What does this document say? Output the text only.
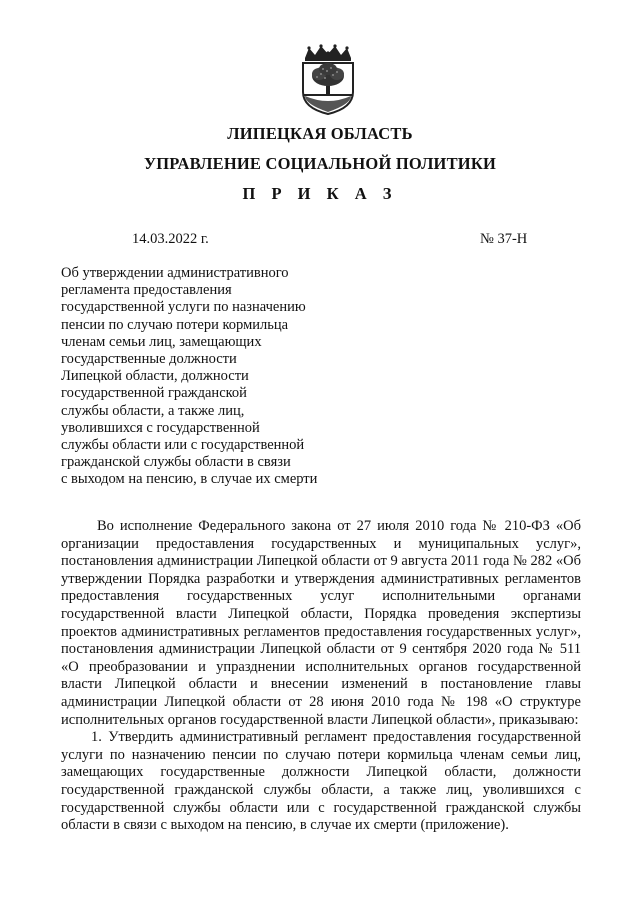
ЛИПЕЦКАЯ ОБЛАСТЬ
УПРАВЛЕНИЕ СОЦИАЛЬНОЙ ПОЛИТИКИ
П Р И К А З
14.03.2022 г.	№ 37-Н
Об утверждении административного
регламента предоставления
государственной услуги по назначению
пенсии по случаю потери кормильца
членам семьи лиц, замещающих
государственные должности
Липецкой области, должности
государственной гражданской
службы области, а также лиц,
уволившихся с государственной
службы области или с государственной
гражданской службы области в связи
с выходом на пенсию, в случае их смерти

Во исполнение Федерального закона от 27 июля 2010 года № 210-ФЗ «Об организации предоставления государственных и муниципальных услуг», постановления администрации Липецкой области от 9 августа 2011 года № 282 «Об утверждении Порядка разработки и утверждения административных регламентов предоставления государственных услуг исполнительными органами государственной власти Липецкой области, Порядка проведения экспертизы проектов административных регламентов предоставления государственных услуг», постановления администрации Липецкой области от 9 сентября 2020 года № 511 «О преобразовании и упразднении исполнительных органов государственной власти Липецкой области и внесении изменений в постановление главы администрации Липецкой области от 28 июня 2010 года № 198 «О структуре исполнительных органов государственной власти Липецкой области», приказываю:

1. Утвердить административный регламент предоставления государственной услуги по назначению пенсии по случаю потери кормильца членам семьи лиц, замещающих государственные должности Липецкой области, должности государственной гражданской службы области, а также лиц, уволившихся с государственной службы области или с государственной гражданской службы области в связи с выходом на пенсию, в случае их смерти (приложение).
